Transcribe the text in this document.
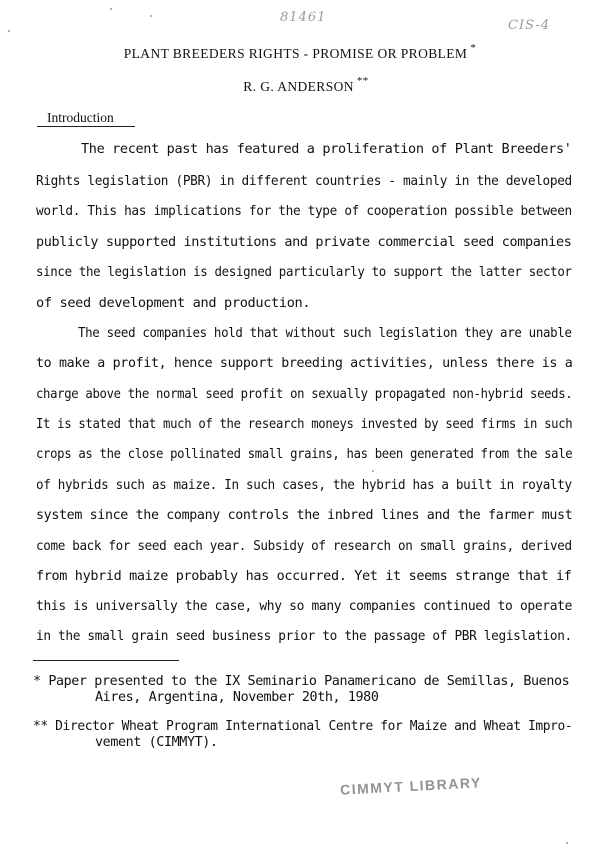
81461
CIS-4
PLANT BREEDERS RIGHTS - PROMISE OR PROBLEM *
R. G. ANDERSON **
Introduction
The recent past has featured a proliferation of Plant Breeders'
Rights legislation (PBR) in different countries - mainly in the developed
world. This has implications for the type of cooperation possible between
publicly supported institutions and private commercial seed companies
since the legislation is designed particularly to support the latter sector
of seed development and production.
The seed companies hold that without such legislation they are unable
to make a profit, hence support breeding activities, unless there is a
charge above the normal seed profit on sexually propagated non-hybrid seeds.
It is stated that much of the research moneys invested by seed firms in such
crops as the close pollinated small grains, has been generated from the sale
of hybrids such as maize. In such cases, the hybrid has a built in royalty
system since the company controls the inbred lines and the farmer must
come back for seed each year. Subsidy of research on small grains, derived
from hybrid maize probably has occurred. Yet it seems strange that if
this is universally the case, why so many companies continued to operate
in the small grain seed business prior to the passage of PBR legislation.
* Paper presented to the IX Seminario Panamericano de Semillas, Buenos
Aires, Argentina, November 20th, 1980
** Director Wheat Program International Centre for Maize and Wheat Impro-
vement (CIMMYT).
CIMMYT LIBRARY
